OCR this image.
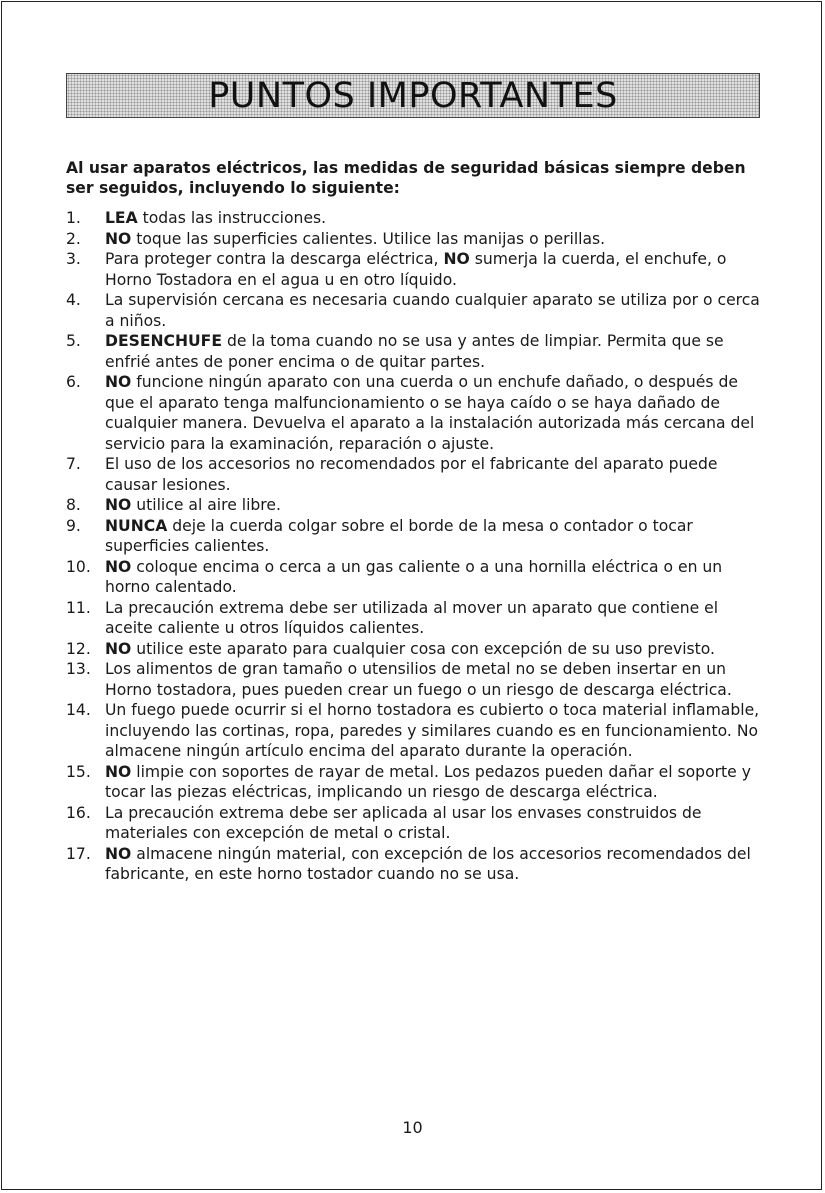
PUNTOS IMPORTANTES

Al usar aparatos eléctricos, las medidas de seguridad básicas siempre deben ser seguidos, incluyendo lo siguiente:

1.	LEA todas las instrucciones.

2.	NO toque las superficies calientes. Utilice las manijas o perillas.

3.	Para proteger contra la descarga eléctrica, NO sumerja la cuerda, el enchufe, o Horno Tostadora en el agua u en otro líquido.

4.	La supervisión cercana es necesaria cuando cualquier aparato se utiliza por o cerca a niños.

5.	DESENCHUFE de la toma cuando no se usa y antes de limpiar. Permita que se enfrié antes de poner encima o de quitar partes.

6.	NO funcione ningún aparato con una cuerda o un enchufe dañado, o después de que el aparato tenga malfuncionamiento o se haya caído o se haya dañado de cualquier manera. Devuelva el aparato a la instalación autorizada más cercana del servicio para la examinación, reparación o ajuste.

7.	El uso de los accesorios no recomendados por el fabricante del aparato puede causar lesiones.

8.	NO utilice al aire libre.

9.	NUNCA deje la cuerda colgar sobre el borde de la mesa o contador o tocar superficies calientes.

10. NO coloque encima o cerca a un gas caliente o a una hornilla eléctrica o en un horno calentado.

11. La precaución extrema debe ser utilizada al mover un aparato que contiene el aceite caliente u otros líquidos calientes.

12. NO utilice este aparato para cualquier cosa con excepción de su uso previsto.

13. Los alimentos de gran tamaño o utensilios de metal no se deben insertar en un Horno tostadora, pues pueden crear un fuego o un riesgo de descarga eléctrica.

14. Un fuego puede ocurrir si el horno tostadora es cubierto o toca material inflamable, incluyendo las cortinas, ropa, paredes y similares cuando es en funcionamiento. No almacene ningún artículo encima del aparato durante la operación.

15. NO limpie con soportes de rayar de metal. Los pedazos pueden dañar el soporte y tocar las piezas eléctricas, implicando un riesgo de descarga eléctrica.

16. La precaución extrema debe ser aplicada al usar los envases construidos de materiales con excepción de metal o cristal.

17. NO almacene ningún material, con excepción de los accesorios recomendados del fabricante, en este horno tostador cuando no se usa.

10
